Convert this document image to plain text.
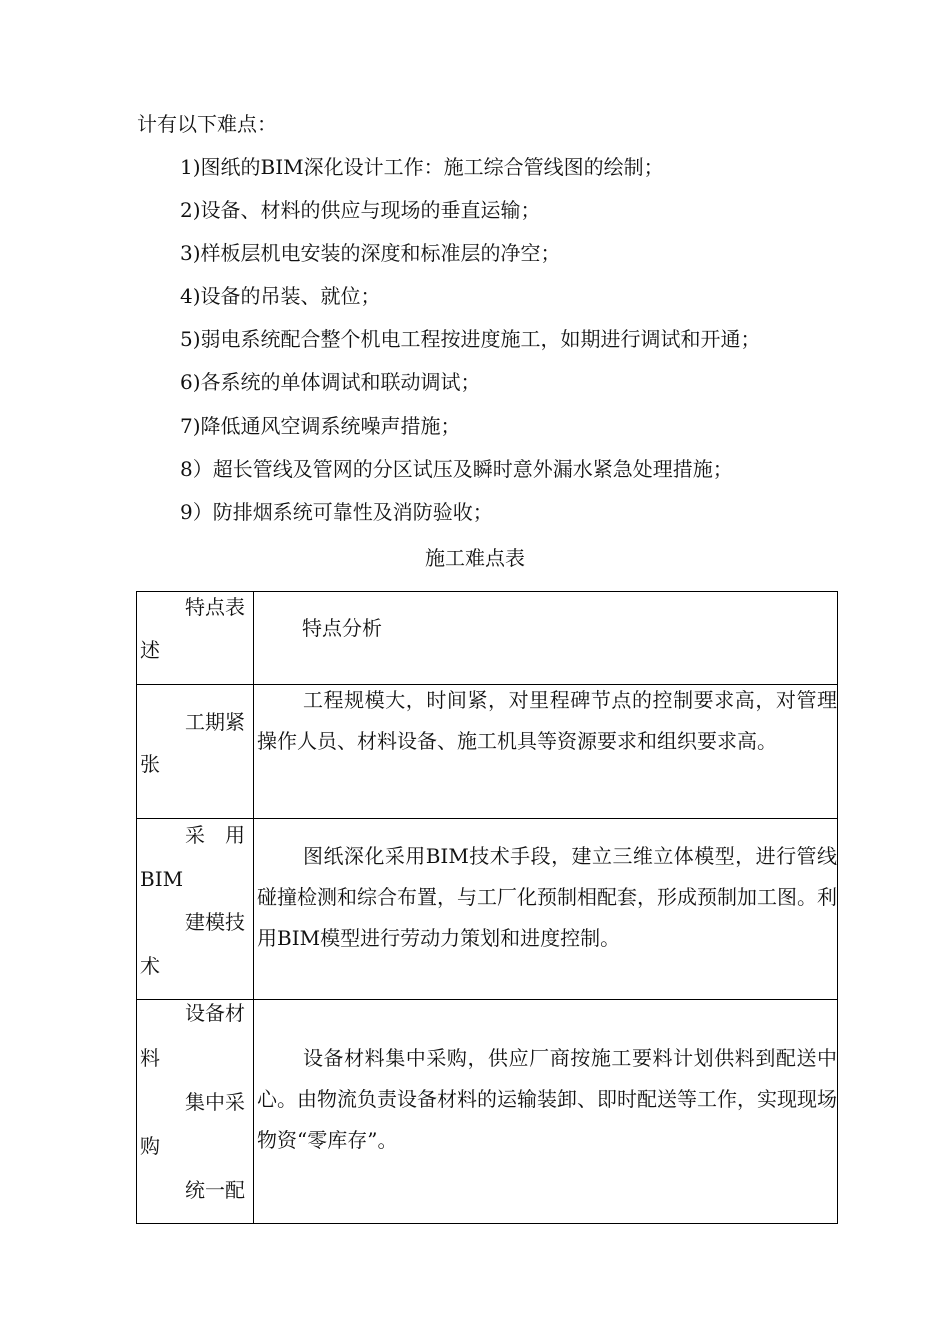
计有以下难点：
1)图纸的BIM深化设计工作：施工综合管线图的绘制；
2)设备、材料的供应与现场的垂直运输；
3)样板层机电安装的深度和标准层的净空；
4)设备的吊装、就位；
5)弱电系统配合整个机电工程按进度施工，如期进行调试和开通；
6)各系统的单体调试和联动调试；
7)降低通风空调系统噪声措施；
8）超长管线及管网的分区试压及瞬时意外漏水紧急处理措施；
9）防排烟系统可靠性及消防验收；
施工难点表
特点表
述
特点分析
工期紧
张
工程规模大，时间紧，对里程碑节点的控制要求高，对管理操作人员、材料设备、施工机具等资源要求和组织要求高。
采　用
BIM
建模技
术
图纸深化采用BIM技术手段，建立三维立体模型，进行管线碰撞检测和综合布置，与工厂化预制相配套，形成预制加工图。利用BIM模型进行劳动力策划和进度控制。
设备材
料
集中采
购
统一配
设备材料集中采购，供应厂商按施工要料计划供料到配送中心。由物流负责设备材料的运输装卸、即时配送等工作，实现现场物资“零库存”。
